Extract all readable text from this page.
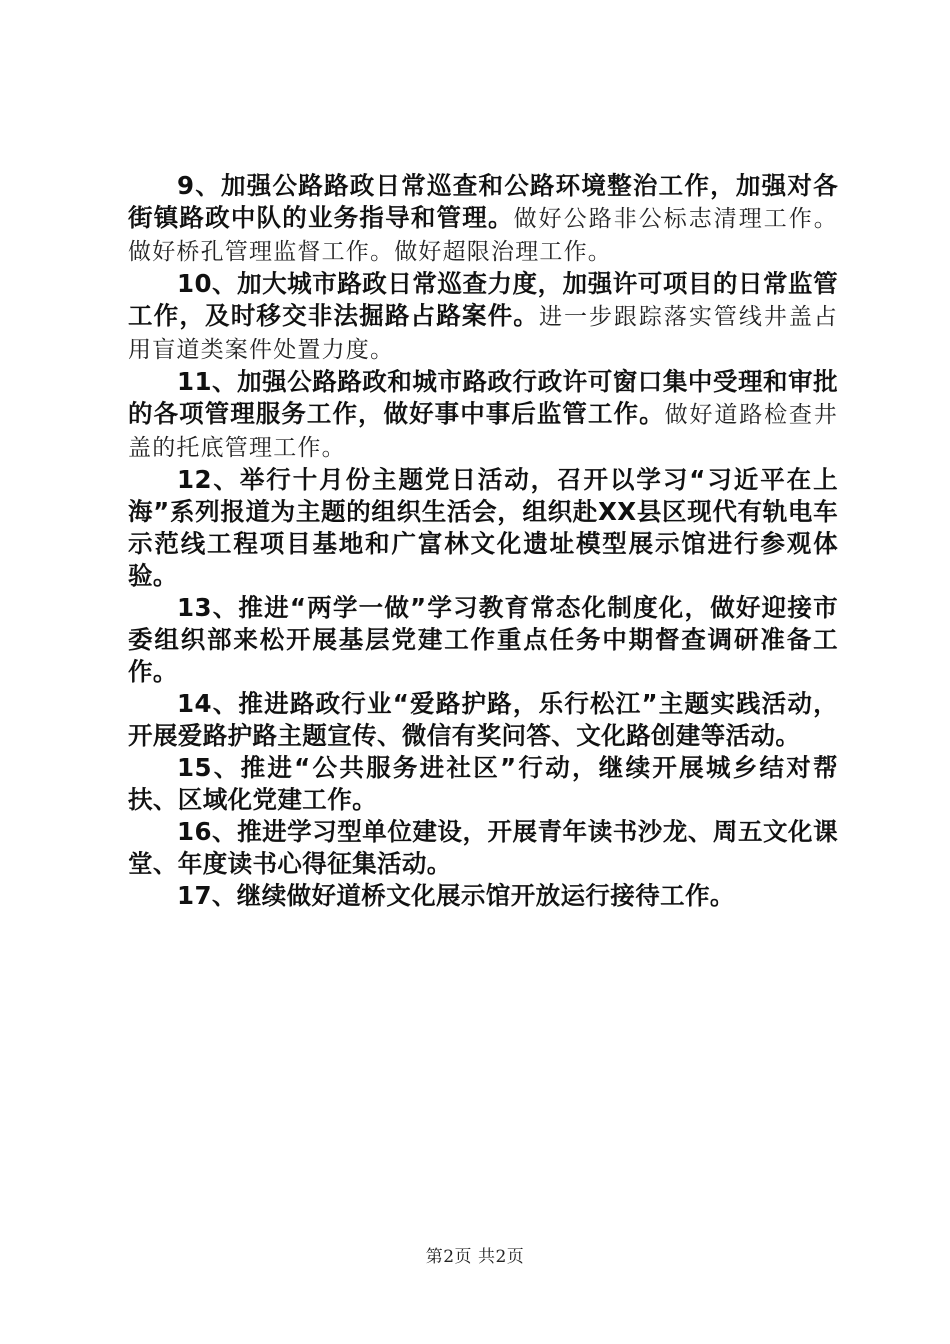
9、加强公路路政日常巡查和公路环境整治工作，加强对各街镇路政中队的业务指导和管理。做好公路非公标志清理工作。做好桥孔管理监督工作。做好超限治理工作。

10、加大城市路政日常巡查力度，加强许可项目的日常监管工作，及时移交非法掘路占路案件。进一步跟踪落实管线井盖占用盲道类案件处置力度。

11、加强公路路政和城市路政行政许可窗口集中受理和审批的各项管理服务工作，做好事中事后监管工作。做好道路检查井盖的托底管理工作。

12、举行十月份主题党日活动，召开以学习“习近平在上海”系列报道为主题的组织生活会，组织赴XX县区现代有轨电车示范线工程项目基地和广富林文化遗址模型展示馆进行参观体验。

13、推进“两学一做”学习教育常态化制度化，做好迎接市委组织部来松开展基层党建工作重点任务中期督查调研准备工作。

14、推进路政行业“爱路护路，乐行松江”主题实践活动，开展爱路护路主题宣传、微信有奖问答、文化路创建等活动。

15、推进“公共服务进社区”行动，继续开展城乡结对帮扶、区域化党建工作。

16、推进学习型单位建设，开展青年读书沙龙、周五文化课堂、年度读书心得征集活动。

17、继续做好道桥文化展示馆开放运行接待工作。

第2页 共2页
